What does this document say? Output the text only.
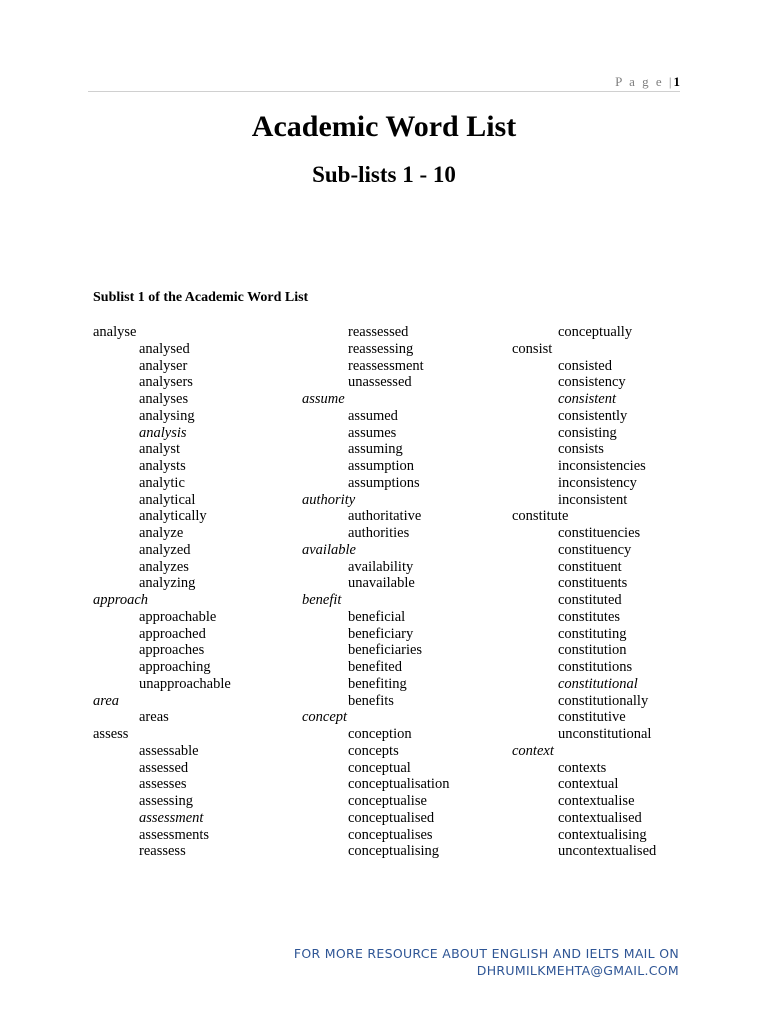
P a g e |1
Academic Word List
Sub-lists 1 - 10
Sublist 1 of the Academic Word List
analyse
analysed
analyser
analysers
analyses
analysing
analysis
analyst
analysts
analytic
analytical
analytically
analyze
analyzed
analyzes
analyzing
approach
approachable
approached
approaches
approaching
unapproachable
area
areas
assess
assessable
assessed
assesses
assessing
assessment
assessments
reassess
reassessed
reassessing
reassessment
unassessed
assume
assumed
assumes
assuming
assumption
assumptions
authority
authoritative
authorities
available
availability
unavailable
benefit
beneficial
beneficiary
beneficiaries
benefited
benefiting
benefits
concept
conception
concepts
conceptual
conceptualisation
conceptualise
conceptualised
conceptualises
conceptualising
conceptually
consist
consisted
consistency
consistent
consistently
consisting
consists
inconsistencies
inconsistency
inconsistent
constitute
constituencies
constituency
constituent
constituents
constituted
constitutes
constituting
constitution
constitutions
constitutional
constitutionally
constitutive
unconstitutional
context
contexts
contextual
contextualise
contextualised
contextualising
uncontextualised
FOR MORE RESOURCE ABOUT ENGLISH AND IELTS MAIL ON
DHRUMILKMEHTA@GMAIL.COM
